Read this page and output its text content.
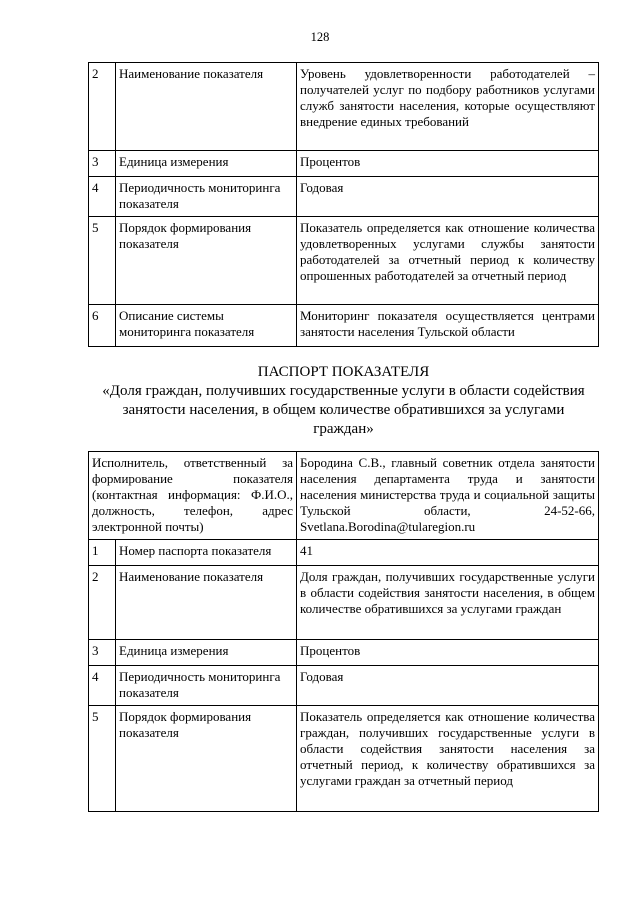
128
2	Наименование показателя	Уровень удовлетворенности работодателей – получателей услуг по подбору работников услугами служб занятости населения, которые осуществляют внедрение единых требований
3	Единица измерения	Процентов
4	Периодичность мониторинга показателя	Годовая
5	Порядок формирования показателя	Показатель определяется как отношение количества удовлетворенных услугами службы занятости работодателей за отчетный период к количеству опрошенных работодателей за отчетный период
6	Описание системы мониторинга показателя	Мониторинг показателя осуществляется центрами занятости населения Тульской области
ПАСПОРТ ПОКАЗАТЕЛЯ
«Доля граждан, получивших государственные услуги в области содействия
занятости населения, в общем количестве обратившихся за услугами
граждан»
Исполнитель, ответственный за формирование показателя (контактная информация: Ф.И.О., должность, телефон, адрес электронной почты)		Бородина С.В., главный советник отдела занятости населения департамента труда и занятости населения министерства труда и социальной защиты Тульской области, 24-52-66, Svetlana.Borodina@tularegion.ru
1	Номер паспорта показателя	41
2	Наименование показателя	Доля граждан, получивших государственные услуги в области содействия занятости населения, в общем количестве обратившихся за услугами граждан
3	Единица измерения	Процентов
4	Периодичность мониторинга показателя	Годовая
5	Порядок формирования показателя	Показатель определяется как отношение количества граждан, получивших государственные услуги в области содействия занятости населения за отчетный период, к количеству обратившихся за услугами граждан за отчетный период
